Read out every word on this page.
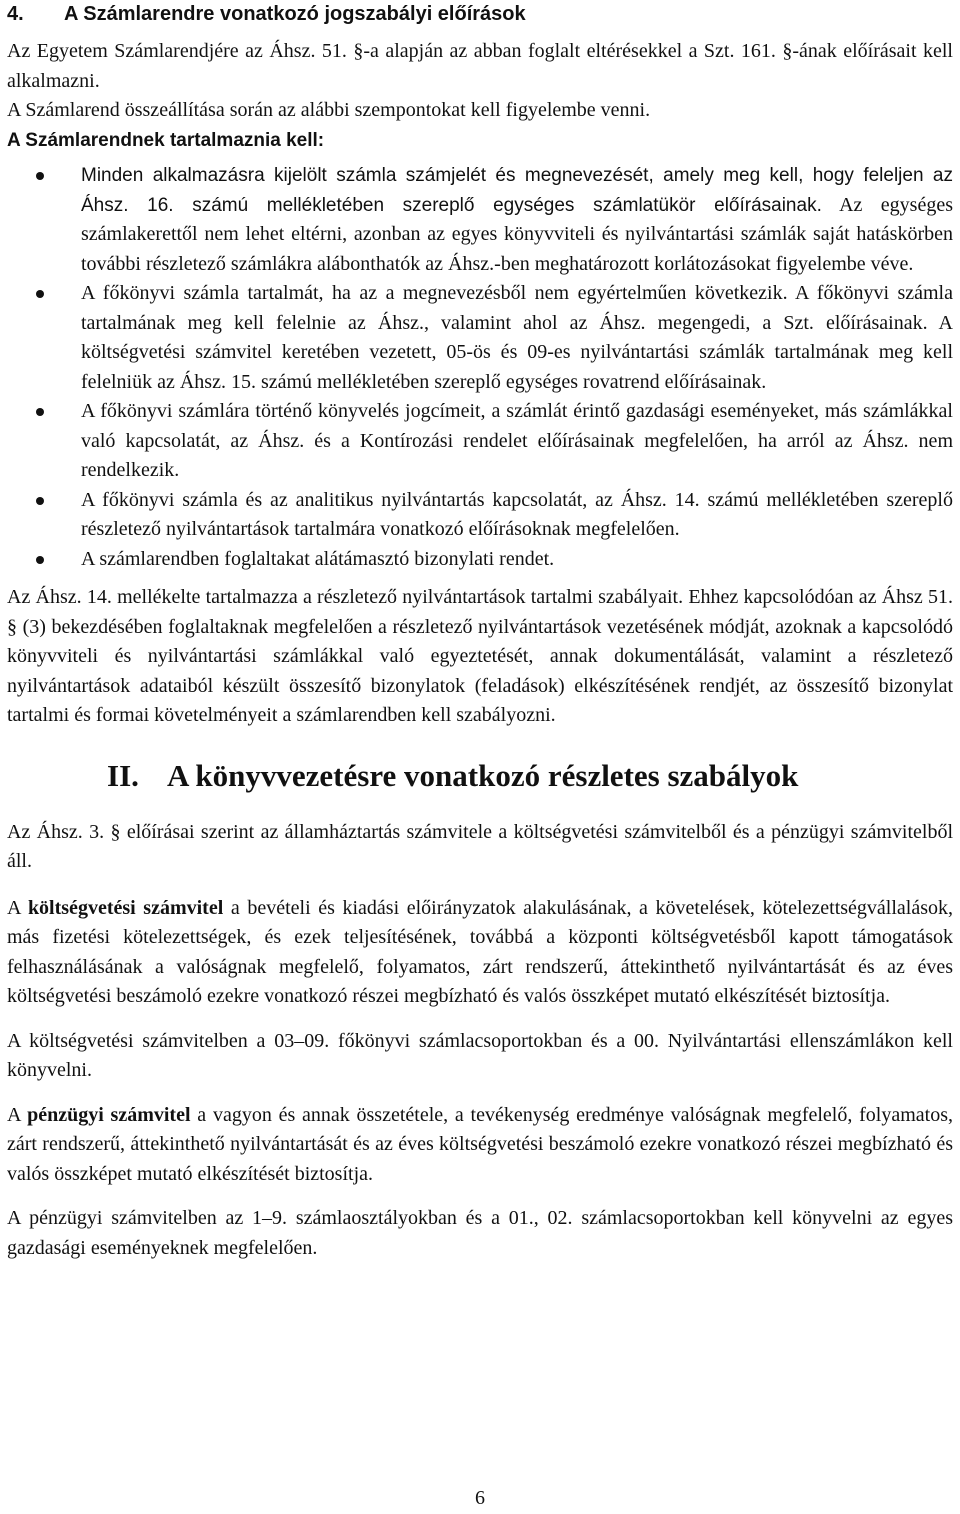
4.	A Számlarendre vonatkozó jogszabályi előírások

Az Egyetem Számlarendjére az Áhsz. 51. §-a alapján az abban foglalt eltérésekkel a Szt. 161. §-ának előírásait kell alkalmazni.

A Számlarend összeállítása során az alábbi szempontokat kell figyelembe venni.

A Számlarendnek tartalmaznia kell:

Minden alkalmazásra kijelölt számla számjelét és megnevezését, amely meg kell, hogy feleljen az Áhsz. 16. számú mellékletében szereplő egységes számlatükör előírásainak. Az egységes számlakerettől nem lehet eltérni, azonban az egyes könyvviteli és nyilvántartási számlák saját hatáskörben további részletező számlákra alábonthatók az Áhsz.-ben meghatározott korlátozásokat figyelembe véve.
A főkönyvi számla tartalmát, ha az a megnevezésből nem egyértelműen következik. A főkönyvi számla tartalmának meg kell felelnie az Áhsz., valamint ahol az Áhsz. megengedi, a Szt. előírásainak. A költségvetési számvitel keretében vezetett, 05-ös és 09-es nyilvántartási számlák tartalmának meg kell felelniük az Áhsz. 15. számú mellékletében szereplő egységes rovatrend előírásainak.
A főkönyvi számlára történő könyvelés jogcímeit, a számlát érintő gazdasági eseményeket, más számlákkal való kapcsolatát, az Áhsz. és a Kontírozási rendelet előírásainak megfelelően, ha arról az Áhsz. nem rendelkezik.
A főkönyvi számla és az analitikus nyilvántartás kapcsolatát, az Áhsz. 14. számú mellékletében szereplő részletező nyilvántartások tartalmára vonatkozó előírásoknak megfelelően.
A számlarendben foglaltakat alátámasztó bizonylati rendet.

Az Áhsz. 14. mellékelte tartalmazza a részletező nyilvántartások tartalmi szabályait. Ehhez kapcsolódóan az Áhsz 51. § (3) bekezdésében foglaltaknak megfelelően a részletező nyilvántartások vezetésének módját, azoknak a kapcsolódó könyvviteli és nyilvántartási számlákkal való egyeztetését, annak dokumentálását, valamint a részletező nyilvántartások adataiból készült összesítő bizonylatok (feladások) elkészítésének rendjét, az összesítő bizonylat tartalmi és formai követelményeit a számlarendben kell szabályozni.

II. A könyvvezetésre vonatkozó részletes szabályok

Az Áhsz. 3. § előírásai szerint az államháztartás számvitele a költségvetési számvitelből és a pénzügyi számvitelből áll.

A költségvetési számvitel a bevételi és kiadási előirányzatok alakulásának, a követelések, kötelezettségvállalások, más fizetési kötelezettségek, és ezek teljesítésének, továbbá a központi költségvetésből kapott támogatások felhasználásának a valóságnak megfelelő, folyamatos, zárt rendszerű, áttekinthető nyilvántartását és az éves költségvetési beszámoló ezekre vonatkozó részei megbízható és valós összképet mutató elkészítését biztosítja.

A költségvetési számvitelben a 03–09. főkönyvi számlacsoportokban és a 00. Nyilvántartási ellenszámlákon kell könyvelni.

A pénzügyi számvitel a vagyon és annak összetétele, a tevékenység eredménye valóságnak megfelelő, folyamatos, zárt rendszerű, áttekinthető nyilvántartását és az éves költségvetési beszámoló ezekre vonatkozó részei megbízható és valós összképet mutató elkészítését biztosítja.

A pénzügyi számvitelben az 1–9. számlaosztályokban és a 01., 02. számlacsoportokban kell könyvelni az egyes gazdasági eseményeknek megfelelően.

6
